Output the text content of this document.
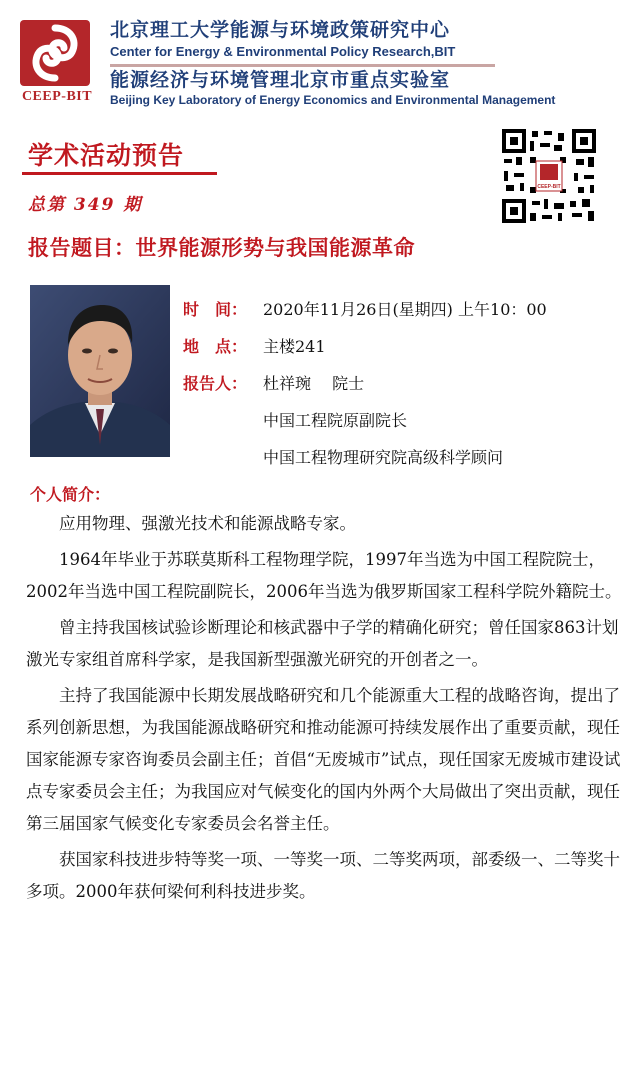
CEEP-BIT
北京理工大学能源与环境政策研究中心
Center for Energy & Environmental Policy Research,BIT
能源经济与环境管理北京市重点实验室
Beijing Key Laboratory of Energy Economics and Environmental Management
学术活动预告
总第 349 期
CEEP-BIT
报告题目：世界能源形势与我国能源革命
时　间： 2020年11月26日(星期四) 上午10：00
地　点： 主楼241
报告人： 杜祥琬　 院士
中国工程院原副院长
中国工程物理研究院高级科学顾问
个人简介：

应用物理、强激光技术和能源战略专家。

1964年毕业于苏联莫斯科工程物理学院，1997年当选为中国工程院院士，2002年当选中国工程院副院长，2006年当选为俄罗斯国家工程科学院外籍院士。

曾主持我国核试验诊断理论和核武器中子学的精确化研究；曾任国家863计划激光专家组首席科学家，是我国新型强激光研究的开创者之一。

主持了我国能源中长期发展战略研究和几个能源重大工程的战略咨询，提出了系列创新思想，为我国能源战略研究和推动能源可持续发展作出了重要贡献，现任国家能源专家咨询委员会副主任；首倡“无废城市”试点，现任国家无废城市建设试点专家委员会主任；为我国应对气候变化的国内外两个大局做出了突出贡献，现任第三届国家气候变化专家委员会名誉主任。

获国家科技进步特等奖一项、一等奖一项、二等奖两项，部委级一、二等奖十多项。2000年获何梁何利科技进步奖。
